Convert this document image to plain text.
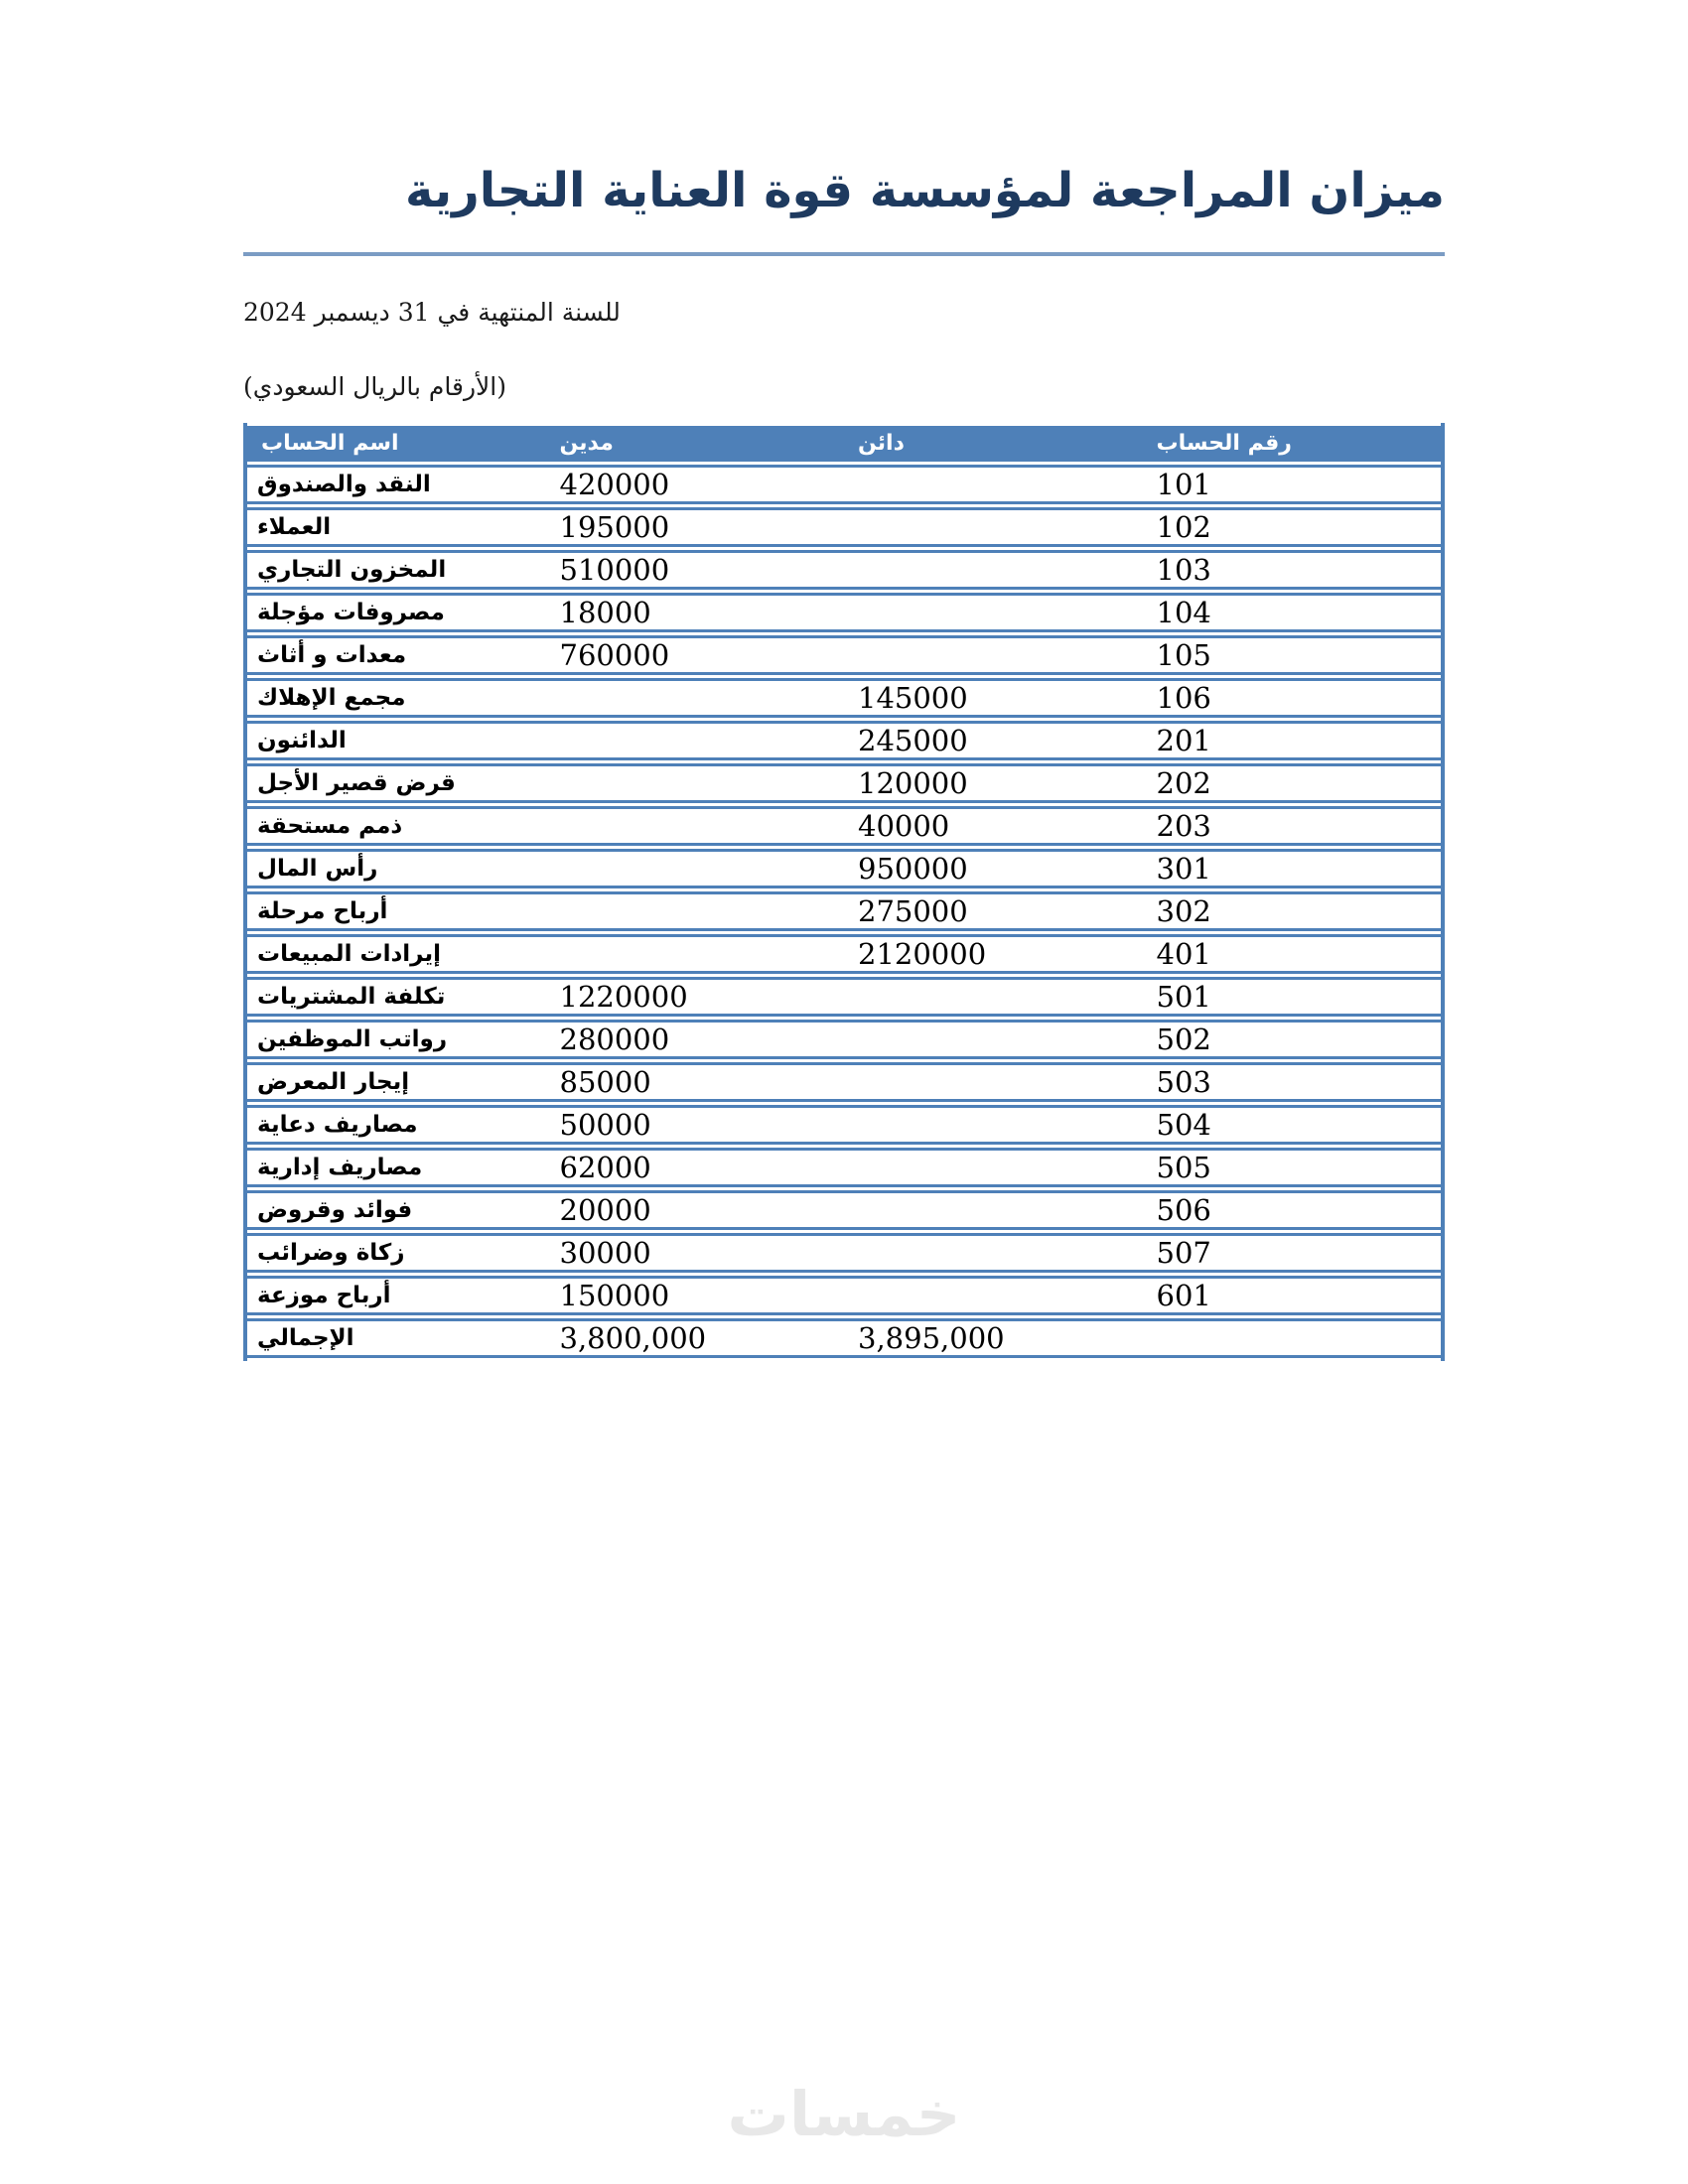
ميزان المراجعة لمؤسسة قوة العناية التجارية

للسنة المنتهية في 31 ديسمبر 2024

(الأرقام بالريال السعودي)

رقم الحساب	دائن	مدين	اسم الحساب
101		420000	النقد والصندوق
102		195000	العملاء
103		510000	المخزون التجاري
104		18000	مصروفات مؤجلة
105		760000	معدات و أثاث
106	145000		مجمع الإهلاك
201	245000		الدائنون
202	120000		قرض قصير الأجل
203	40000		ذمم مستحقة
301	950000		رأس المال
302	275000		أرباح مرحلة
401	2120000		إيرادات المبيعات
501		1220000	تكلفة المشتريات
502		280000	رواتب الموظفين
503		85000	إيجار المعرض
504		50000	مصاريف دعاية
505		62000	مصاريف إدارية
506		20000	فوائد وقروض
507		30000	زكاة وضرائب
601		150000	أرباح موزعة
	3,895,000	3,800,000	الإجمالي
خمسات
